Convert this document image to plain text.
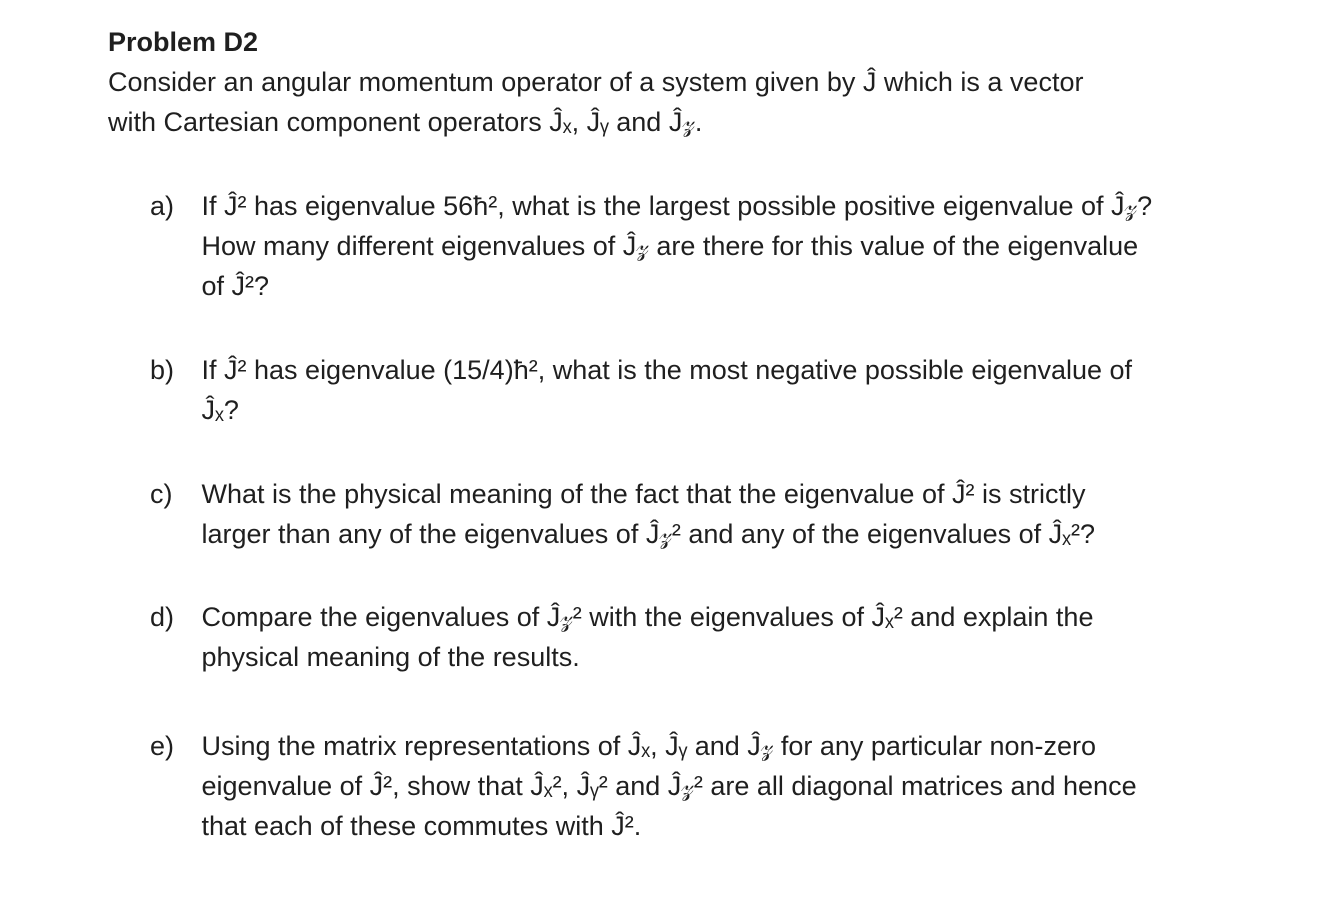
Problem D2
Consider an angular momentum operator of a system given by Ĵ which is a vector
with Cartesian component operators Ĵₓ, Ĵᵧ and Ĵ𝓏.
a) If Ĵ² has eigenvalue 56ħ², what is the largest possible positive eigenvalue of Ĵ𝓏?
How many different eigenvalues of Ĵ𝓏 are there for this value of the eigenvalue
of Ĵ²?
b) If Ĵ² has eigenvalue (15/4)ħ², what is the most negative possible eigenvalue of
Ĵₓ?
c) What is the physical meaning of the fact that the eigenvalue of Ĵ² is strictly
larger than any of the eigenvalues of Ĵ𝓏² and any of the eigenvalues of Ĵₓ²?
d) Compare the eigenvalues of Ĵ𝓏² with the eigenvalues of Ĵₓ² and explain the
physical meaning of the results.
e) Using the matrix representations of Ĵₓ, Ĵᵧ and Ĵ𝓏 for any particular non-zero
eigenvalue of Ĵ², show that Ĵₓ², Ĵᵧ² and Ĵ𝓏² are all diagonal matrices and hence
that each of these commutes with Ĵ².
